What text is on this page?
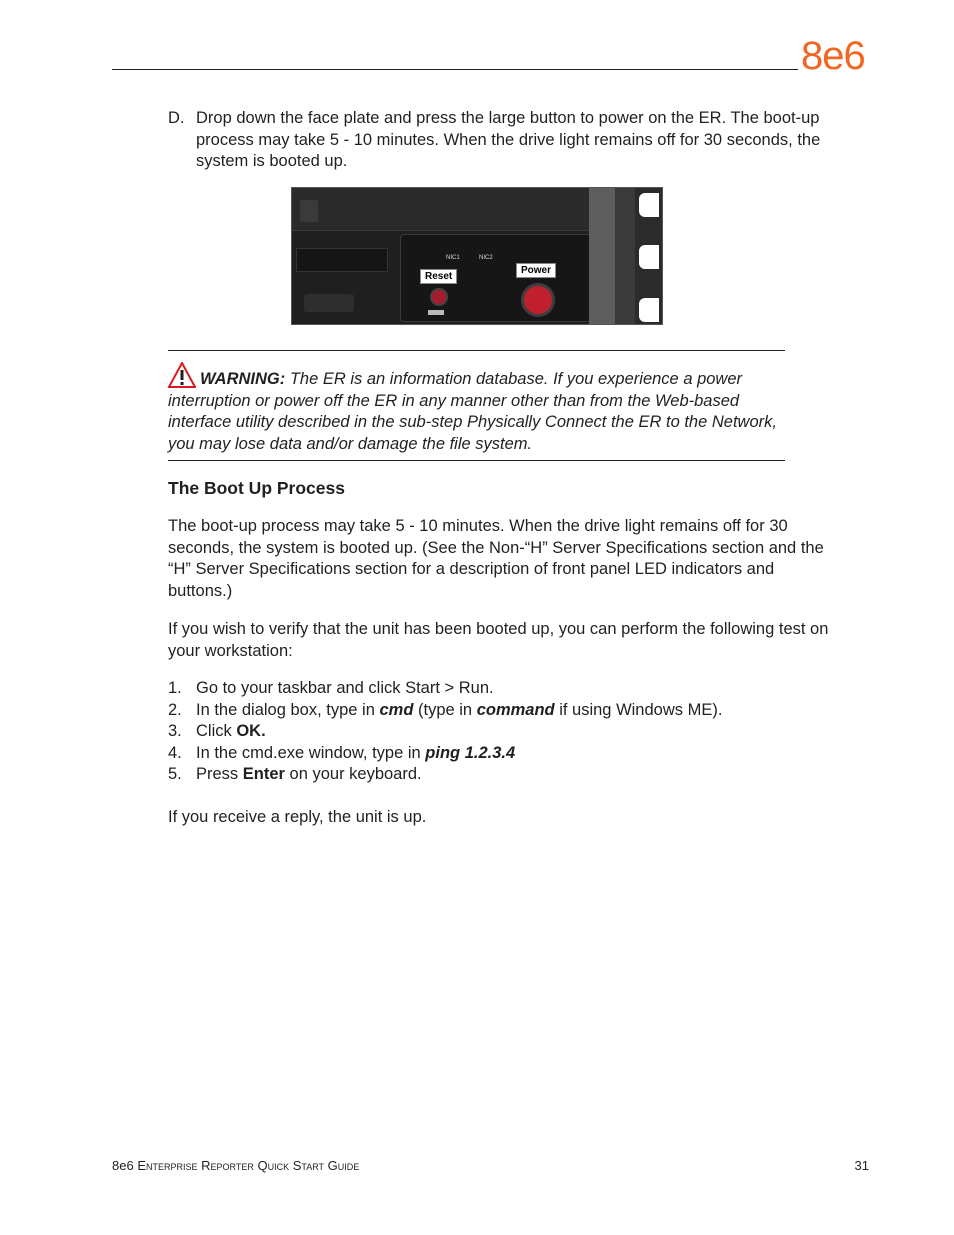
8e6
D. Drop down the face plate and press the large button to power on the ER. The boot-up process may take 5 - 10 minutes. When the drive light remains off for 30 seconds, the system is booted up.
NIC1	NIC2
Reset
Power
WARNING: The ER is an information database. If you experience a power interruption or power off the ER in any manner other than from the Web-based interface utility described in the sub-step Physically Connect the ER to the Network, you may lose data and/or damage the file system.
The Boot Up Process
The boot-up process may take 5 - 10 minutes. When the drive light remains off for 30 seconds, the system is booted up. (See the Non-“H” Server Specifications section and the “H” Server Specifications section for a description of front panel LED indicators and buttons.)
If you wish to verify that the unit has been booted up, you can perform the following test on your workstation:
1. Go to your taskbar and click Start > Run.
2. In the dialog box, type in cmd (type in command if using Windows ME).
3. Click OK.
4. In the cmd.exe window, type in ping 1.2.3.4
5. Press Enter on your keyboard.
If you receive a reply, the unit is up.
8e6 Enterprise Reporter Quick Start Guide	31
